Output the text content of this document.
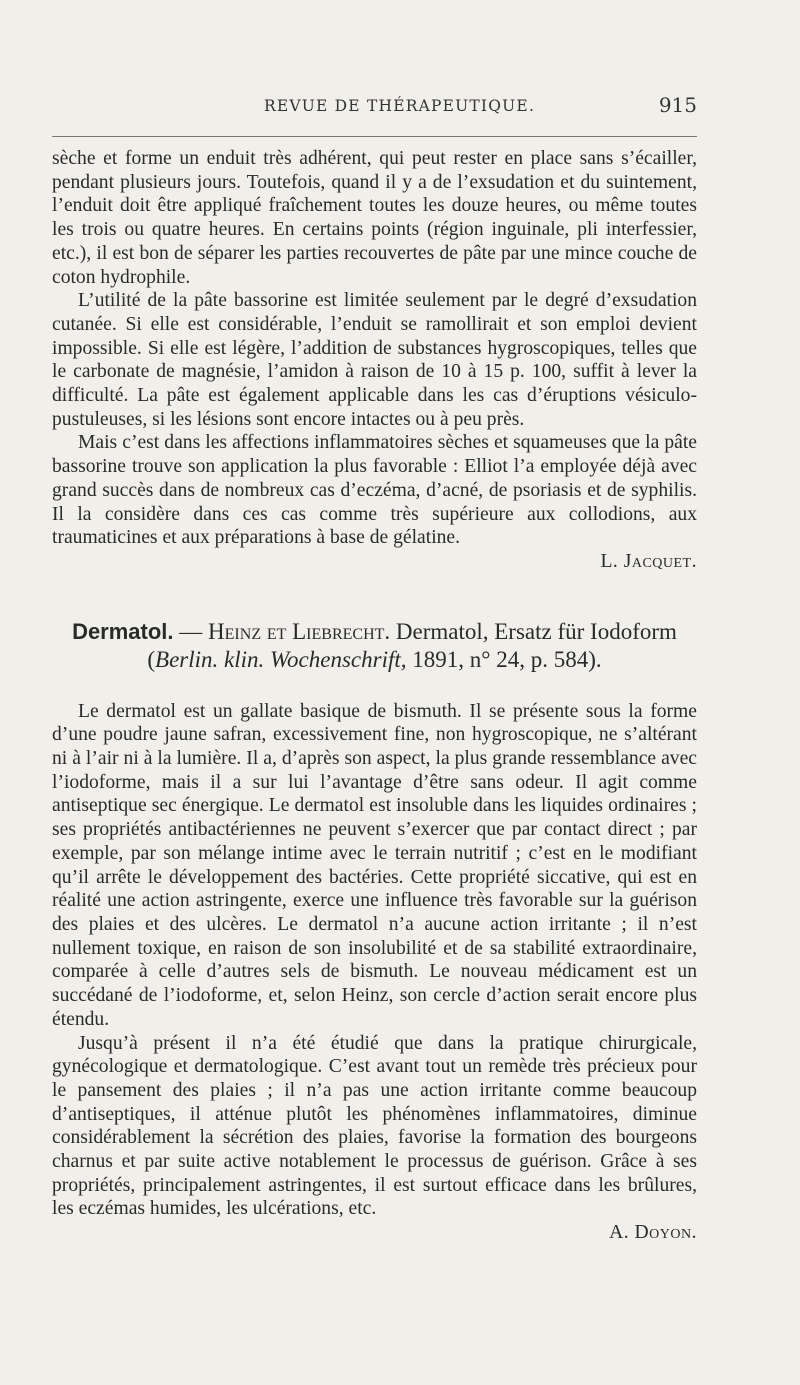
REVUE DE THÉRAPEUTIQUE.	915

sèche et forme un enduit très adhérent, qui peut rester en place sans s’écailler, pendant plusieurs jours. Toutefois, quand il y a de l’exsudation et du suintement, l’enduit doit être appliqué fraîchement toutes les douze heures, ou même toutes les trois ou quatre heures. En certains points (région inguinale, pli interfessier, etc.), il est bon de séparer les parties recouvertes de pâte par une mince couche de coton hydrophile.

L’utilité de la pâte bassorine est limitée seulement par le degré d’exsudation cutanée. Si elle est considérable, l’enduit se ramollirait et son emploi devient impossible. Si elle est légère, l’addition de substances hygroscopiques, telles que le carbonate de magnésie, l’amidon à raison de 10 à 15 p. 100, suffit à lever la difficulté. La pâte est également applicable dans les cas d’éruptions vésiculo-pustuleuses, si les lésions sont encore intactes ou à peu près.

Mais c’est dans les affections inflammatoires sèches et squameuses que la pâte bassorine trouve son application la plus favorable : Elliot l’a employée déjà avec grand succès dans de nombreux cas d’eczéma, d’acné, de psoriasis et de syphilis. Il la considère dans ces cas comme très supérieure aux collodions, aux traumaticines et aux préparations à base de gélatine.

L. Jacquet.

Dermatol. — Heinz et Liebrecht. Dermatol, Ersatz für Iodoform
(Berlin. klin. Wochenschrift, 1891, n° 24, p. 584).

Le dermatol est un gallate basique de bismuth. Il se présente sous la forme d’une poudre jaune safran, excessivement fine, non hygroscopique, ne s’altérant ni à l’air ni à la lumière. Il a, d’après son aspect, la plus grande ressemblance avec l’iodoforme, mais il a sur lui l’avantage d’être sans odeur. Il agit comme antiseptique sec énergique. Le dermatol est insoluble dans les liquides ordinaires ; ses propriétés antibactériennes ne peuvent s’exercer que par contact direct ; par exemple, par son mélange intime avec le terrain nutritif ; c’est en le modifiant qu’il arrête le développement des bactéries. Cette propriété siccative, qui est en réalité une action astringente, exerce une influence très favorable sur la guérison des plaies et des ulcères. Le dermatol n’a aucune action irritante ; il n’est nullement toxique, en raison de son insolubilité et de sa stabilité extraordinaire, comparée à celle d’autres sels de bismuth. Le nouveau médicament est un succédané de l’iodoforme, et, selon Heinz, son cercle d’action serait encore plus étendu.

Jusqu’à présent il n’a été étudié que dans la pratique chirurgicale, gynécologique et dermatologique. C’est avant tout un remède très précieux pour le pansement des plaies ; il n’a pas une action irritante comme beaucoup d’antiseptiques, il atténue plutôt les phénomènes inflammatoires, diminue considérablement la sécrétion des plaies, favorise la formation des bourgeons charnus et par suite active notablement le processus de guérison. Grâce à ses propriétés, principalement astringentes, il est surtout efficace dans les brûlures, les eczémas humides, les ulcérations, etc.

A. Doyon.
